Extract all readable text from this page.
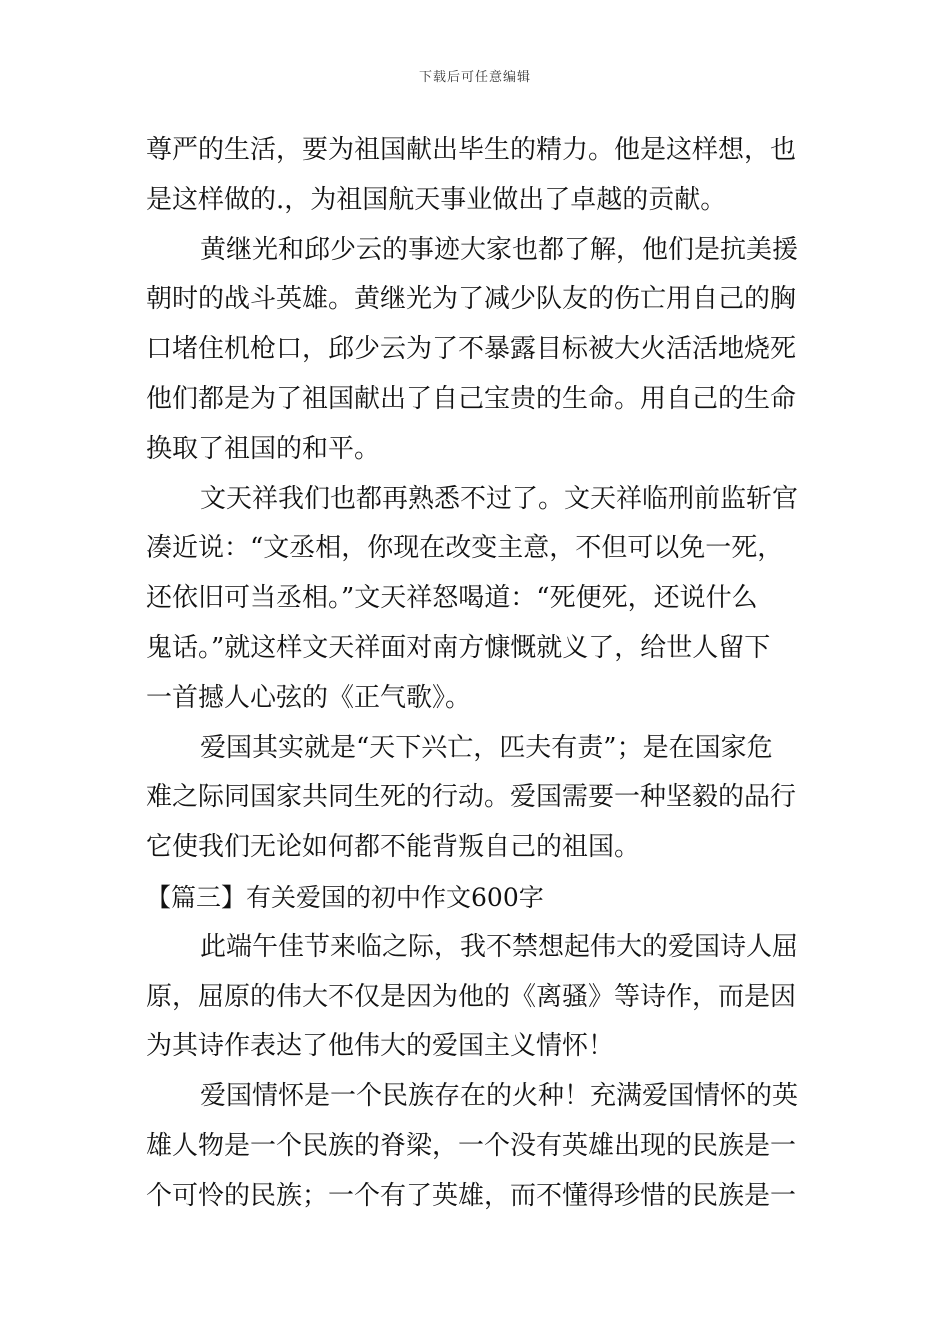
下载后可任意编辑
尊严的生活，要为祖国献出毕生的精力。他是这样想，也
是这样做的.，为祖国航天事业做出了卓越的贡献。
黄继光和邱少云的事迹大家也都了解，他们是抗美援
朝时的战斗英雄。黄继光为了减少队友的伤亡用自己的胸
口堵住机枪口，邱少云为了不暴露目标被大火活活地烧死
他们都是为了祖国献出了自己宝贵的生命。用自己的生命
换取了祖国的和平。
文天祥我们也都再熟悉不过了。文天祥临刑前监斩官
凑近说：“文丞相，你现在改变主意，不但可以免一死，
还依旧可当丞相。”文天祥怒喝道：“死便死，还说什么
鬼话。”就这样文天祥面对南方慷慨就义了，给世人留下
一首撼人心弦的《正气歌》。
爱国其实就是“天下兴亡，匹夫有责”；是在国家危
难之际同国家共同生死的行动。爱国需要一种坚毅的品行
它使我们无论如何都不能背叛自己的祖国。
【篇三】有关爱国的初中作文600字
此端午佳节来临之际，我不禁想起伟大的爱国诗人屈
原，屈原的伟大不仅是因为他的《离骚》等诗作，而是因
为其诗作表达了他伟大的爱国主义情怀！
爱国情怀是一个民族存在的火种！充满爱国情怀的英
雄人物是一个民族的脊梁，一个没有英雄出现的民族是一
个可怜的民族；一个有了英雄，而不懂得珍惜的民族是一
